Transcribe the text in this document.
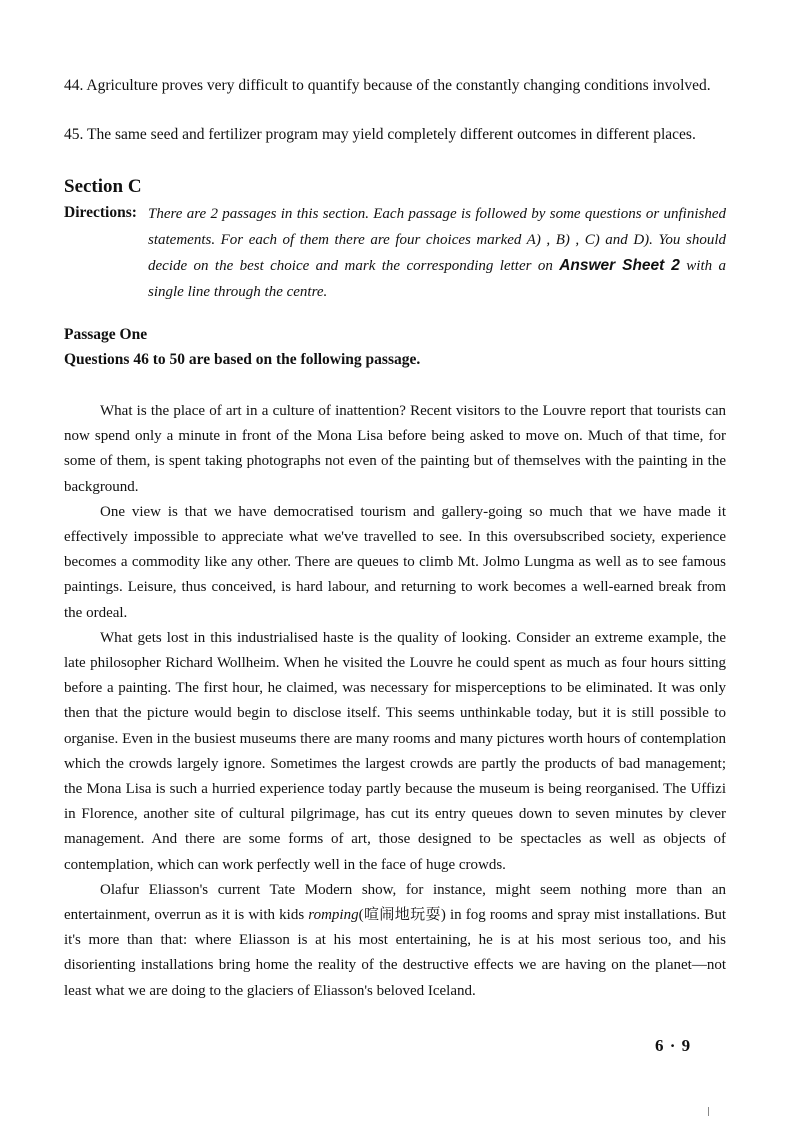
44. Agriculture proves very difficult to quantify because of the constantly changing conditions involved.
45. The same seed and fertilizer program may yield completely different outcomes in different places.
Section C
Directions: There are 2 passages in this section. Each passage is followed by some questions or unfinished statements. For each of them there are four choices marked A) , B) , C) and D). You should decide on the best choice and mark the corresponding letter on Answer Sheet 2 with a single line through the centre.
Passage One
Questions 46 to 50 are based on the following passage.

What is the place of art in a culture of inattention? Recent visitors to the Louvre report that tourists can now spend only a minute in front of the Mona Lisa before being asked to move on. Much of that time, for some of them, is spent taking photographs not even of the painting but of themselves with the painting in the background.

One view is that we have democratised tourism and gallery-going so much that we have made it effectively impossible to appreciate what we've travelled to see. In this oversubscribed society, experience becomes a commodity like any other. There are queues to climb Mt. Jolmo Lungma as well as to see famous paintings. Leisure, thus conceived, is hard labour, and returning to work becomes a well-earned break from the ordeal.

What gets lost in this industrialised haste is the quality of looking. Consider an extreme example, the late philosopher Richard Wollheim. When he visited the Louvre he could spent as much as four hours sitting before a painting. The first hour, he claimed, was necessary for misperceptions to be eliminated. It was only then that the picture would begin to disclose itself. This seems unthinkable today, but it is still possible to organise. Even in the busiest museums there are many rooms and many pictures worth hours of contemplation which the crowds largely ignore. Sometimes the largest crowds are partly the products of bad management; the Mona Lisa is such a hurried experience today partly because the museum is being reorganised. The Uffizi in Florence, another site of cultural pilgrimage, has cut its entry queues down to seven minutes by clever management. And there are some forms of art, those designed to be spectacles as well as objects of contemplation, which can work perfectly well in the face of huge crowds.

Olafur Eliasson's current Tate Modern show, for instance, might seem nothing more than an entertainment, overrun as it is with kids romping(喧闹地玩耍) in fog rooms and spray mist installations. But it's more than that: where Eliasson is at his most entertaining, he is at his most serious too, and his disorienting installations bring home the reality of the destructive effects we are having on the planet—not least what we are doing to the glaciers of Eliasson's beloved Iceland.

6 · 9
